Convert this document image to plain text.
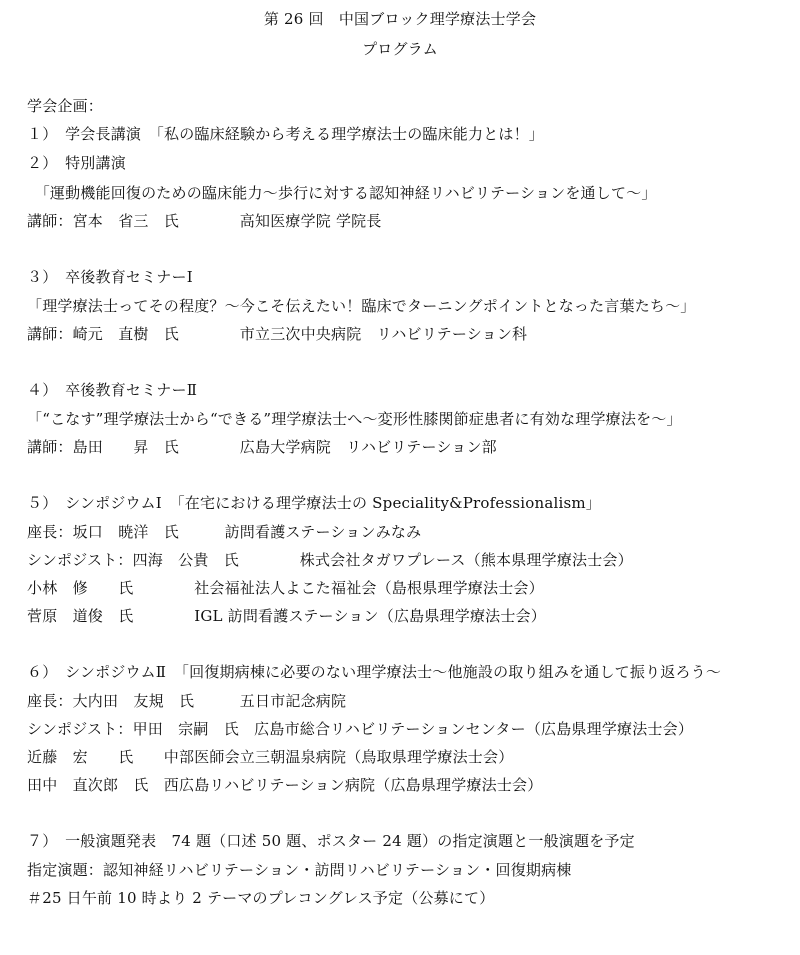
第 26 回　中国ブロック理学療法士学会
プログラム
学会企画：
１）　学会長講演　「私の臨床経験から考える理学療法士の臨床能力とは！」
２）　特別講演
　「運動機能回復のための臨床能力～歩行に対する認知神経リハビリテーションを通して～」
講師：宮本　省三　氏　　　　高知医療学院 学院長
３）　卒後教育セミナーⅠ
「理学療法士ってその程度？～今こそ伝えたい！臨床でターニングポイントとなった言葉たち～」
講師：崎元　直樹　氏　　　　市立三次中央病院　リハビリテーション科
４）　卒後教育セミナーⅡ
「“こなす”理学療法士から“できる”理学療法士へ～変形性膝関節症患者に有効な理学療法を～」
講師：島田　　昇　氏　　　　広島大学病院　リハビリテーション部
５）　シンポジウムⅠ　「在宅における理学療法士の Speciality&Professionalism」
座長：坂口　暁洋　氏　　　訪問看護ステーションみなみ
シンポジスト：四海　公貴　氏　　　　株式会社タガワプレース（熊本県理学療法士会）
小林　修　　氏　　　　社会福祉法人よこた福祉会（島根県理学療法士会）
菅原　道俊　氏　　　　IGL 訪問看護ステーション（広島県理学療法士会）
６）　シンポジウムⅡ　「回復期病棟に必要のない理学療法士～他施設の取り組みを通して振り返ろう～
座長：大内田　友規　氏　　　五日市記念病院
シンポジスト：甲田　宗嗣　氏　広島市総合リハビリテーションセンター（広島県理学療法士会）
近藤　宏　　氏　　中部医師会立三朝温泉病院（鳥取県理学療法士会）
田中　直次郎　氏　西広島リハビリテーション病院（広島県理学療法士会）
７）　一般演題発表　74 題（口述 50 題、ポスター 24 題）の指定演題と一般演題を予定
指定演題：認知神経リハビリテーション・訪問リハビリテーション・回復期病棟
＃25 日午前 10 時より 2 テーマのプレコングレス予定（公募にて）
